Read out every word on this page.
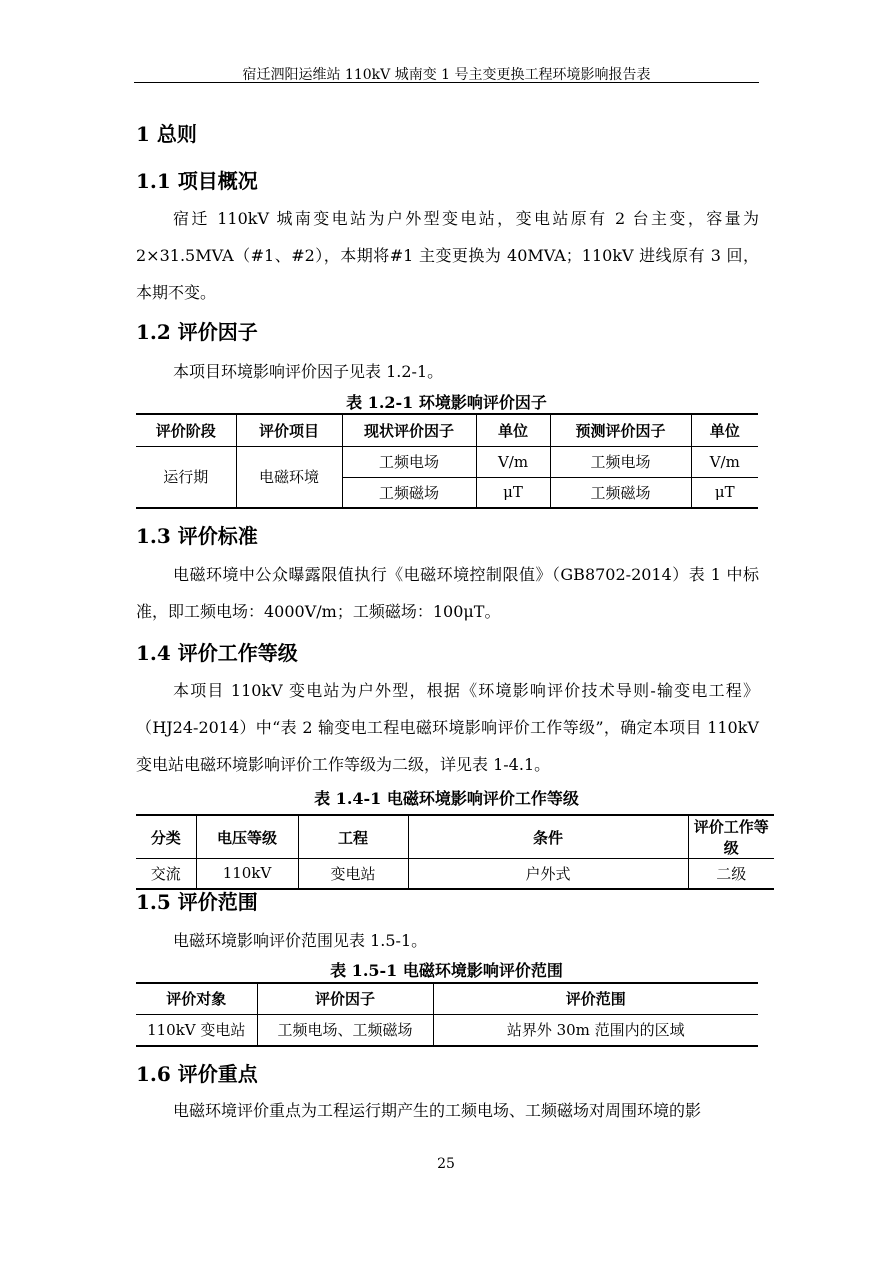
宿迁泗阳运维站 110kV 城南变 1 号主变更换工程环境影响报告表
1 总则
1.1 项目概况
宿迁 110kV 城南变电站为户外型变电站，变电站原有 2 台主变，容量为2×31.5MVA（#1、#2），本期将#1 主变更换为 40MVA；110kV 进线原有 3 回，本期不变。
1.2 评价因子
本项目环境影响评价因子见表 1.2-1。
表 1.2-1 环境影响评价因子
评价阶段	评价项目	现状评价因子	单位	预测评价因子	单位
运行期	电磁环境	工频电场	V/m	工频电场	V/m
		工频磁场	μT	工频磁场	μT
1.3 评价标准
电磁环境中公众曝露限值执行《电磁环境控制限值》（GB8702-2014）表 1 中标准，即工频电场：4000V/m；工频磁场：100μT。
1.4 评价工作等级
本项目 110kV 变电站为户外型，根据《环境影响评价技术导则-输变电工程》（HJ24-2014）中“表 2 输变电工程电磁环境影响评价工作等级”，确定本项目 110kV 变电站电磁环境影响评价工作等级为二级，详见表 1-4.1。
表 1.4-1 电磁环境影响评价工作等级
分类	电压等级	工程	条件	评价工作等级
交流	110kV	变电站	户外式	二级
1.5 评价范围
电磁环境影响评价范围见表 1.5-1。
表 1.5-1 电磁环境影响评价范围
评价对象	评价因子	评价范围
110kV 变电站	工频电场、工频磁场	站界外 30m 范围内的区域
1.6 评价重点
电磁环境评价重点为工程运行期产生的工频电场、工频磁场对周围环境的影
25
